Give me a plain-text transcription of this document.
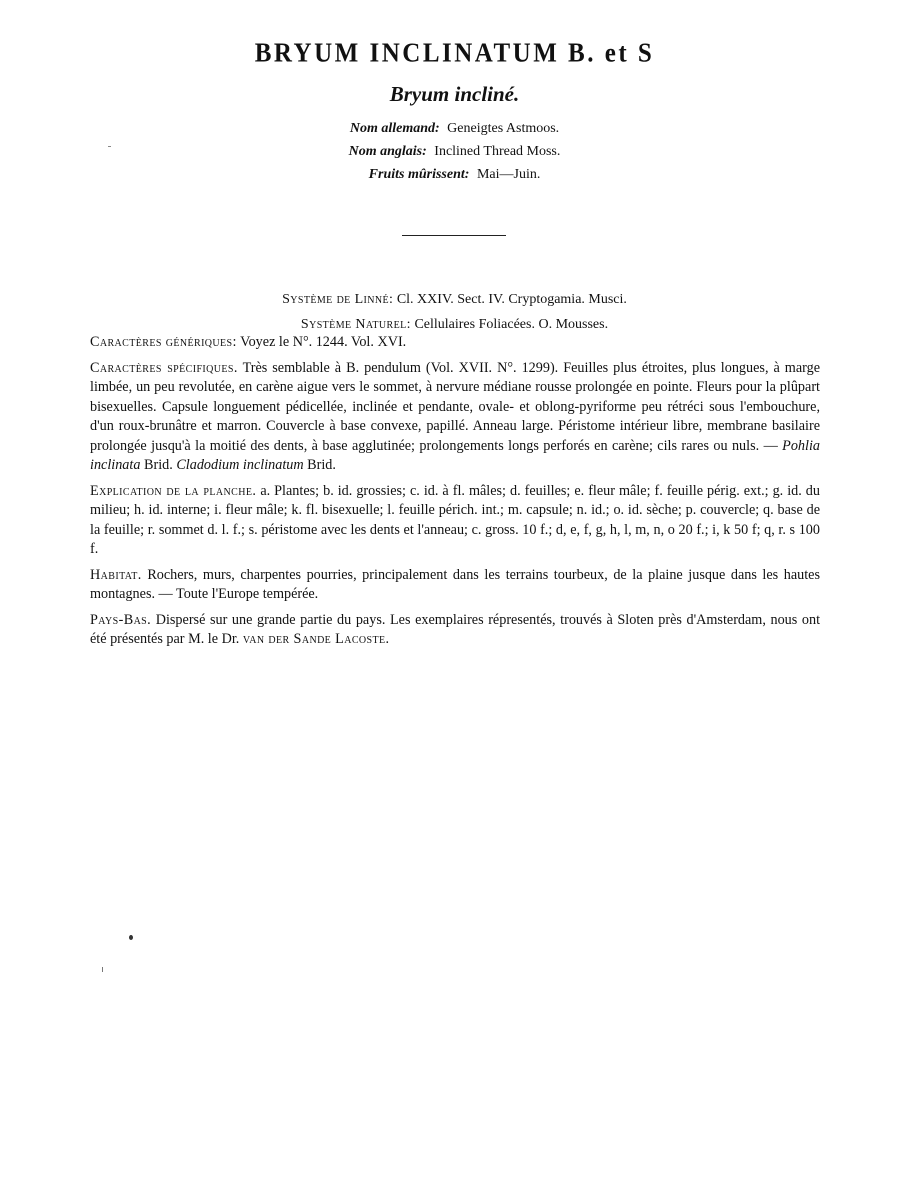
BRYUM INCLINATUM B. et S
Bryum incliné.
Nom allemand: Geneigtes Astmoos.
Nom anglais: Inclined Thread Moss.
Fruits mûrissent: Mai—Juin.
Système de Linné: Cl. XXIV. Sect. IV. Cryptogamia. Musci.
Système Naturel: Cellulaires Foliacées. O. Mousses.

Caractères génériques: Voyez le N°. 1244. Vol. XVI.

Caractères spécifiques. Très semblable à B. pendulum (Vol. XVII. N°. 1299). Feuilles plus étroites, plus longues, à marge limbée, un peu revolutée, en carène aigue vers le sommet, à nervure médiane rousse prolongée en pointe. Fleurs pour la plûpart bisexuelles. Capsule longuement pédicellée, inclinée et pendante, ovale- et oblong-pyriforme peu rétréci sous l'embouchure, d'un roux-brunâtre et marron. Couvercle à base convexe, papillé. Anneau large. Péristome intérieur libre, membrane basilaire prolongée jusqu'à la moitié des dents, à base agglutinée; prolongements longs perforés en carène; cils rares ou nuls. — Pohlia inclinata Brid. Cladodium inclinatum Brid.

Explication de la planche. a. Plantes; b. id. grossies; c. id. à fl. mâles; d. feuilles; e. fleur mâle; f. feuille périg. ext.; g. id. du milieu; h. id. interne; i. fleur mâle; k. fl. bisexuelle; l. feuille périch. int.; m. capsule; n. id.; o. id. sèche; p. couvercle; q. base de la feuille; r. sommet d. l. f.; s. péristome avec les dents et l'anneau; c. gross. 10 f.; d, e, f, g, h, l, m, n, o 20 f.; i, k 50 f; q, r. s 100 f.

Habitat. Rochers, murs, charpentes pourries, principalement dans les terrains tourbeux, de la plaine jusque dans les hautes montagnes. — Toute l'Europe tempérée.

Pays-Bas. Dispersé sur une grande partie du pays. Les exemplaires répresentés, trouvés à Sloten près d'Amsterdam, nous ont été présentés par M. le Dr. van der Sande Lacoste.
